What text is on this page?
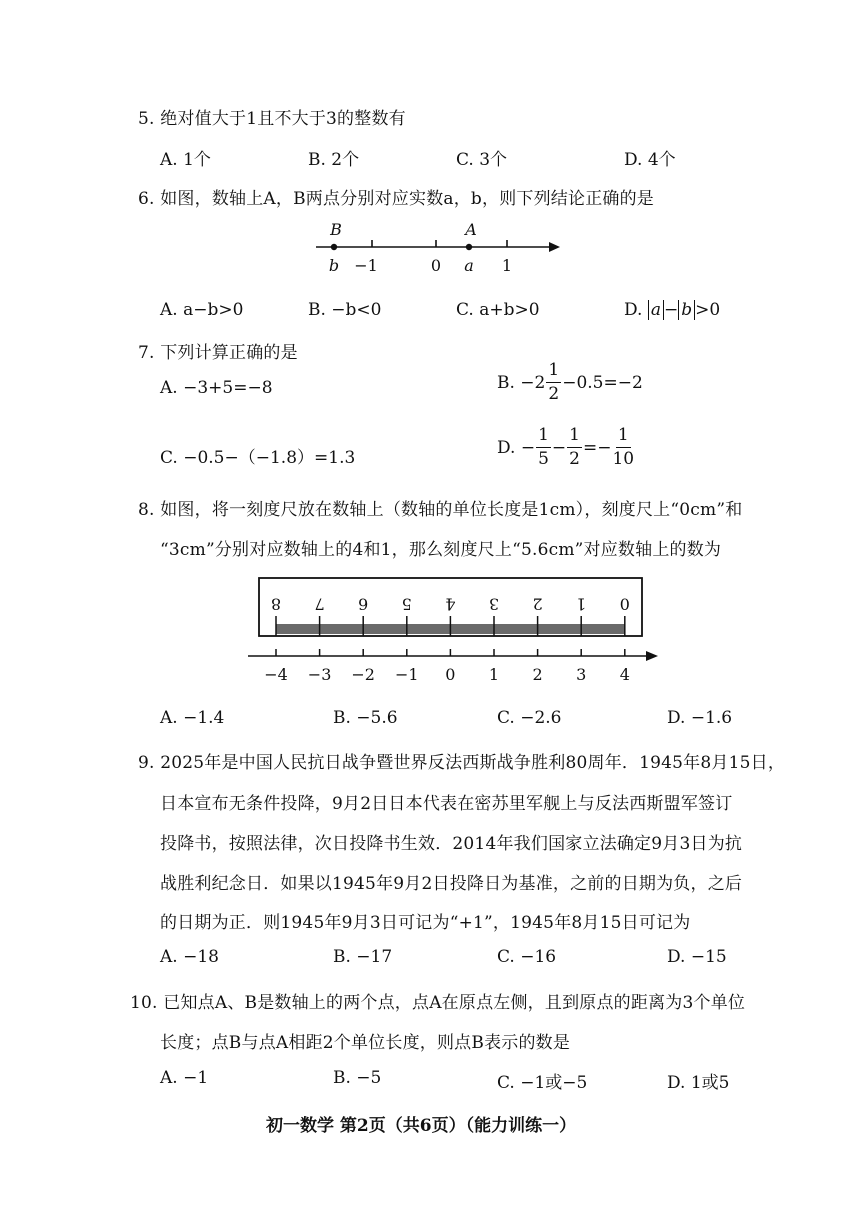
5. 绝对值大于1且不大于3的整数有
A. 1个	B. 2个	C. 3个	D. 4个
6. 如图，数轴上A，B两点分别对应实数a，b，则下列结论正确的是
B	A
b	a
−1	0	1
A. a−b>0	B. −b<0	C. a+b>0	D. a − b >0
7. 下列计算正确的是
A. −3+5=−8	B. $-2 \frac{1}{2} -0.5=-2$
C. −0.5−（−1.8）=1.3
D. − $\frac{1}{5} - \frac{1}{2} =- \frac{1}{10}$
8. 如图，将一刻度尺放在数轴上（数轴的单位长度是1cm），刻度尺上“0cm”和
“3cm”分别对应数轴上的4和1，那么刻度尺上“5.6cm”对应数轴上的数为
8 7 6 5 4 3 2 1 0
−4 −3 −2 −1 0 1 2 3 4
A. −1.4	B. −5.6	C. −2.6	D. −1.6
9. 2025年是中国人民抗日战争暨世界反法西斯战争胜利80周年．1945年8月15日，
日本宣布无条件投降，9月2日日本代表在密苏里军舰上与反法西斯盟军签订
投降书，按照法律，次日投降书生效．2014年我们国家立法确定9月3日为抗
战胜利纪念日．如果以1945年9月2日投降日为基准，之前的日期为负，之后
的日期为正．则1945年9月3日可记为“+1”，1945年8月15日可记为
A. −18	B. −17	C. −16	D. −15
10. 已知点A、B是数轴上的两个点，点A在原点左侧，且到原点的距离为3个单位
长度；点B与点A相距2个单位长度，则点B表示的数是
A. −1	B. −5	C. −1或−5	D. 1或5
初一数学 第2页（共6页）（能力训练一）
